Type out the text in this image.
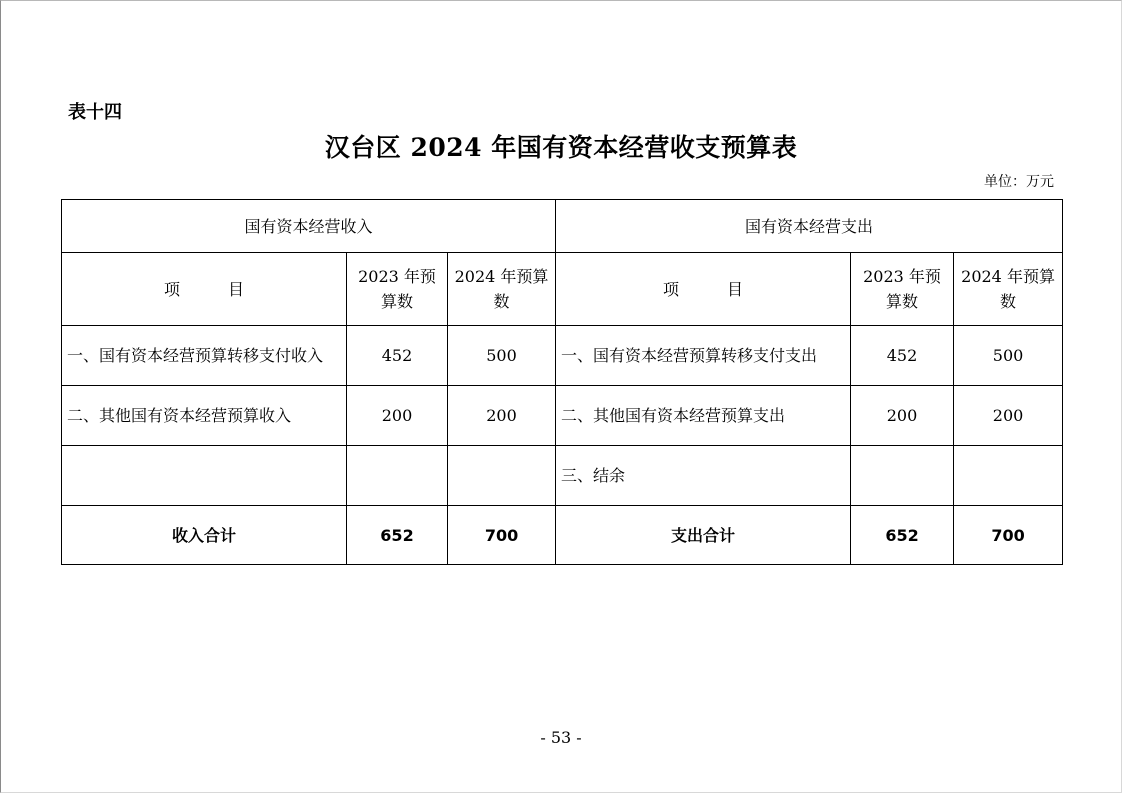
表十四
汉台区 2024 年国有资本经营收支预算表
单位：万元
国有资本经营收入			国有资本经营支出		
项　　　目	2023 年预算数	2024 年预算数	项　　　目	2023 年预算数	2024 年预算数
一、国有资本经营预算转移支付收入	452	500	一、国有资本经营预算转移支付支出	452	500
二、其他国有资本经营预算收入	200	200	二、其他国有资本经营预算支出	200	200
			三、结余		
收入合计	652	700	支出合计	652	700
- 53 -
